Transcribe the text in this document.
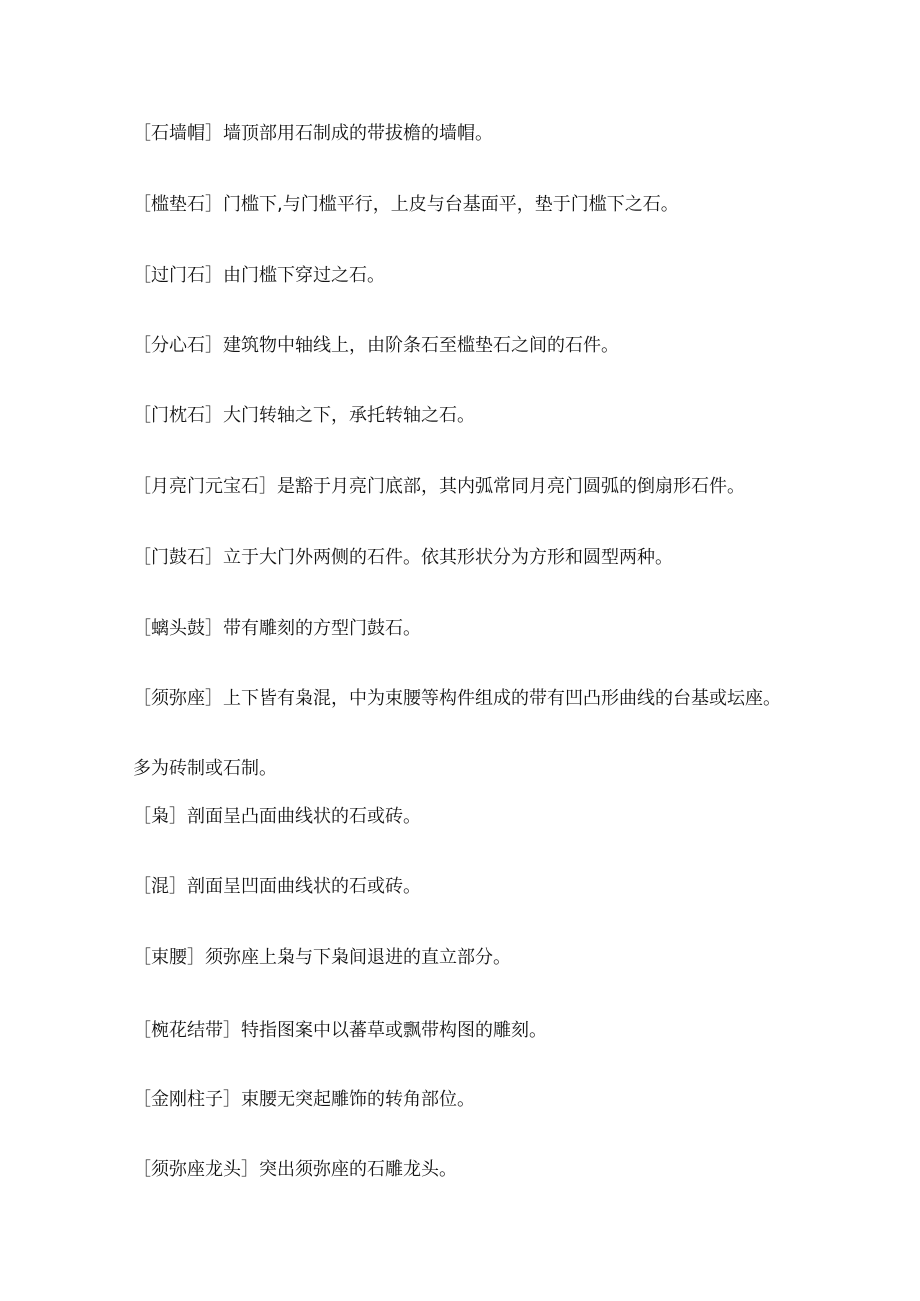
［石墙帽］墙顶部用石制成的带拔檐的墙帽。

［槛垫石］门槛下,与门槛平行，上皮与台基面平，垫于门槛下之石。

［过门石］由门槛下穿过之石。

［分心石］建筑物中轴线上，由阶条石至槛垫石之间的石件。

［门枕石］大门转轴之下，承托转轴之石。

［月亮门元宝石］是豁于月亮门底部，其内弧常同月亮门圆弧的倒扇形石件。

［门鼓石］立于大门外两侧的石件。依其形状分为方形和圆型两种。

［螭头鼓］带有雕刻的方型门鼓石。

［须弥座］上下皆有枭混，中为束腰等构件组成的带有凹凸形曲线的台基或坛座。多为砖制或石制。

［枭］剖面呈凸面曲线状的石或砖。

［混］剖面呈凹面曲线状的石或砖。

［束腰］须弥座上枭与下枭间退进的直立部分。

［椀花结带］特指图案中以蕃草或飘带构图的雕刻。

［金刚柱子］束腰无突起雕饰的转角部位。

［须弥座龙头］突出须弥座的石雕龙头。
